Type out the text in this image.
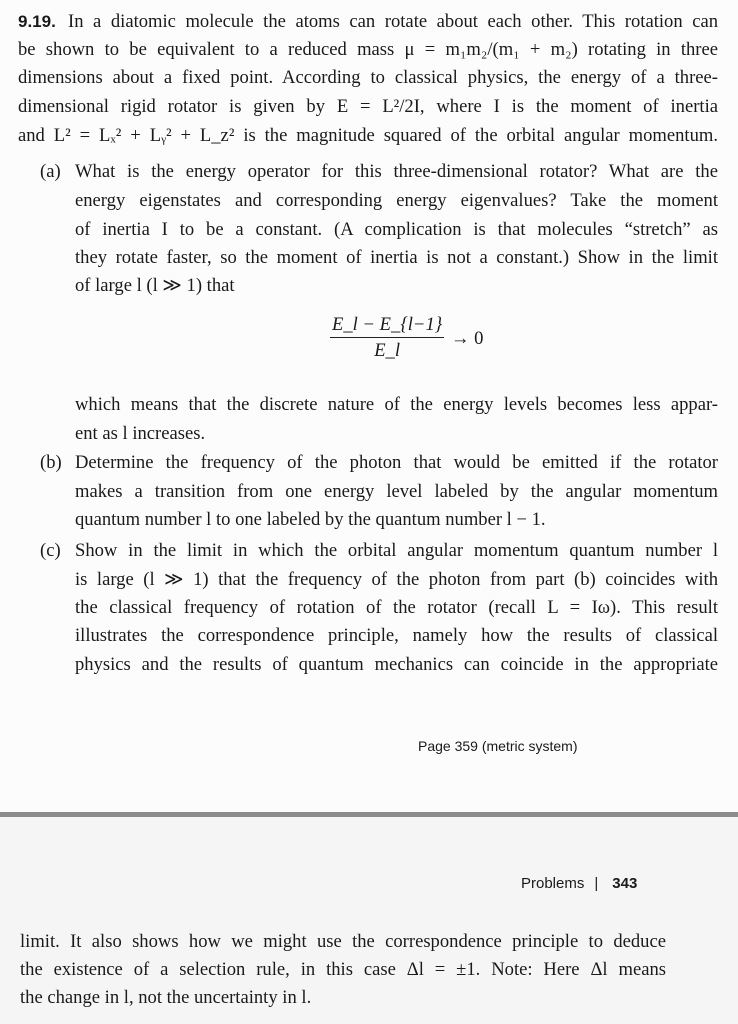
9.19. In a diatomic molecule the atoms can rotate about each other. This rotation can
be shown to be equivalent to a reduced mass μ = m₁m₂/(m₁ + m₂) rotating in three
dimensions about a fixed point. According to classical physics, the energy of a three-
dimensional rigid rotator is given by E = L²/2I, where I is the moment of inertia
and L² = Lₓ² + Lᵧ² + L_z² is the magnitude squared of the orbital angular momentum.
(a) What is the energy operator for this three-dimensional rotator? What are the
energy eigenstates and corresponding energy eigenvalues? Take the moment
of inertia I to be a constant. (A complication is that molecules “stretch” as
they rotate faster, so the moment of inertia is not a constant.) Show in the limit
of large l (l ≫ 1) that
$\frac{E\_l - E\_\{l-1\}}{E\_l} \to 0$
which means that the discrete nature of the energy levels becomes less appar-
ent as l increases.
(b) Determine the frequency of the photon that would be emitted if the rotator
makes a transition from one energy level labeled by the angular momentum
quantum number l to one labeled by the quantum number l − 1.
(c) Show in the limit in which the orbital angular momentum quantum number l
is large (l ≫ 1) that the frequency of the photon from part (b) coincides with
the classical frequency of rotation of the rotator (recall L = Iω). This result
illustrates the correspondence principle, namely how the results of classical
physics and the results of quantum mechanics can coincide in the appropriate
Page 359 (metric system)
Problems | 343
limit. It also shows how we might use the correspondence principle to deduce
the existence of a selection rule, in this case Δl = ±1. Note: Here Δl means
the change in l, not the uncertainty in l.
